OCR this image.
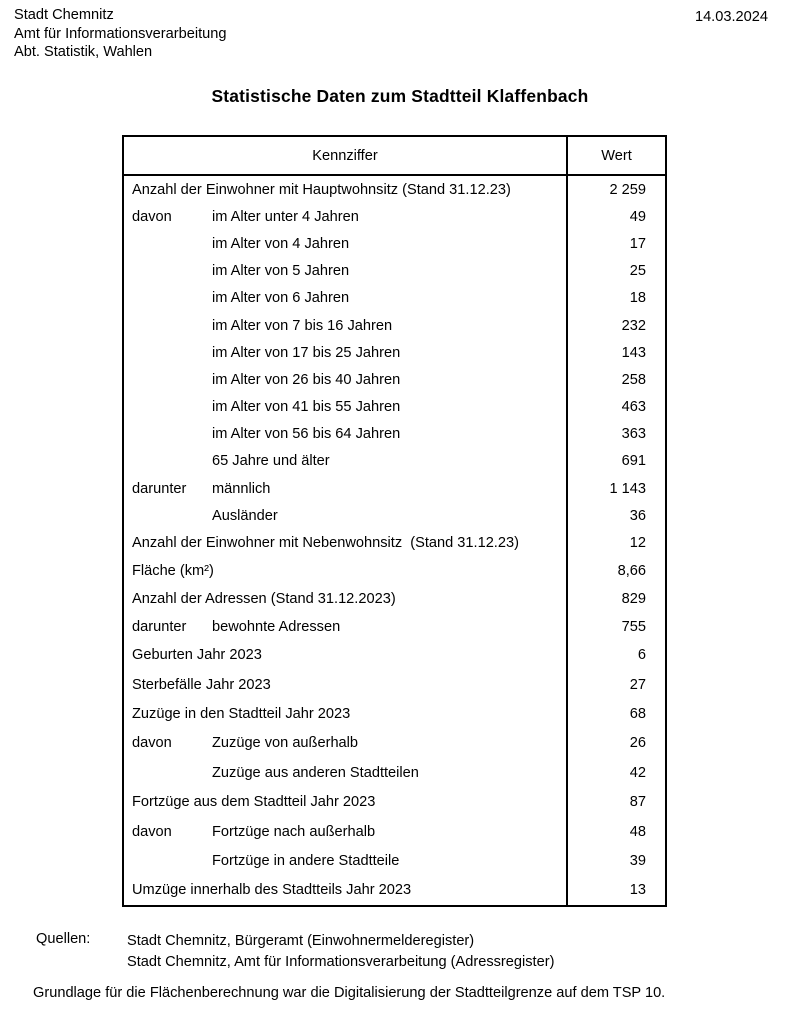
Stadt Chemnitz
Amt für Informationsverarbeitung
Abt. Statistik, Wahlen
14.03.2024
Statistische Daten zum Stadtteil Klaffenbach
Kennziffer	Wert
Anzahl der Einwohner mit Hauptwohnsitz (Stand 31.12.23)	2 259
davon	im Alter unter 4 Jahren	49
im Alter von 4 Jahren	17
im Alter von 5 Jahren	25
im Alter von 6 Jahren	18
im Alter von 7 bis 16 Jahren	232
im Alter von 17 bis 25 Jahren	143
im Alter von 26 bis 40 Jahren	258
im Alter von 41 bis 55 Jahren	463
im Alter von 56 bis 64 Jahren	363
65 Jahre und älter	691
darunter	männlich	1 143
Ausländer	36
Anzahl der Einwohner mit Nebenwohnsitz  (Stand 31.12.23)	12
Fläche (km²)	8,66
Anzahl der Adressen (Stand 31.12.2023)	829
darunter	bewohnte Adressen	755
Geburten Jahr 2023	6
Sterbefälle Jahr 2023	27
Zuzüge in den Stadtteil Jahr 2023	68
davon	Zuzüge von außerhalb	26
Zuzüge aus anderen Stadtteilen	42
Fortzüge aus dem Stadtteil Jahr 2023	87
davon	Fortzüge nach außerhalb	48
Fortzüge in andere Stadtteile	39
Umzüge innerhalb des Stadtteils Jahr 2023	13
Quellen:	Stadt Chemnitz, Bürgeramt (Einwohnermelderegister)
Stadt Chemnitz, Amt für Informationsverarbeitung (Adressregister)
Grundlage für die Flächenberechnung war die Digitalisierung der Stadtteilgrenze auf dem TSP 10.
